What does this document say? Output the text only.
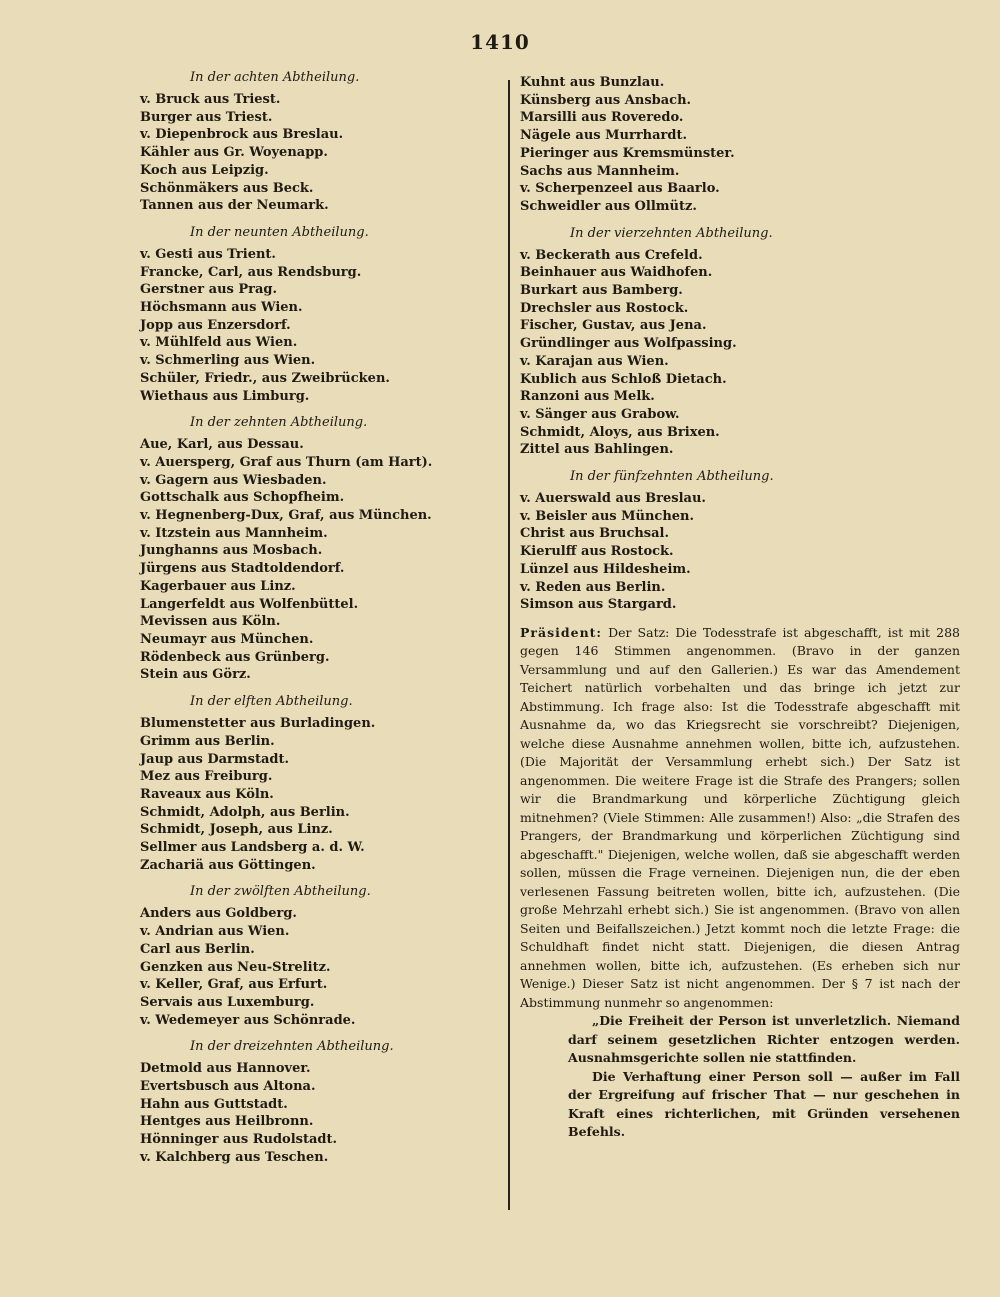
1410
In der achten Abtheilung.
v. Bruck aus Triest.
Burger aus Triest.
v. Diepenbrock aus Breslau.
Kähler aus Gr. Woyenapp.
Koch aus Leipzig.
Schönmäkers aus Beck.
Tannen aus der Neumark.
In der neunten Abtheilung.
v. Gesti aus Trient.
Francke, Carl, aus Rendsburg.
Gerstner aus Prag.
Höchsmann aus Wien.
Jopp aus Enzersdorf.
v. Mühlfeld aus Wien.
v. Schmerling aus Wien.
Schüler, Friedr., aus Zweibrücken.
Wiethaus aus Limburg.
In der zehnten Abtheilung.
Aue, Karl, aus Dessau.
v. Auersperg, Graf aus Thurn (am Hart).
v. Gagern aus Wiesbaden.
Gottschalk aus Schopfheim.
v. Hegnenberg-Dux, Graf, aus München.
v. Itzstein aus Mannheim.
Junghanns aus Mosbach.
Jürgens aus Stadtoldendorf.
Kagerbauer aus Linz.
Langerfeldt aus Wolfenbüttel.
Mevissen aus Köln.
Neumayr aus München.
Rödenbeck aus Grünberg.
Stein aus Görz.
In der elften Abtheilung.
Blumenstetter aus Burladingen.
Grimm aus Berlin.
Jaup aus Darmstadt.
Mez aus Freiburg.
Raveaux aus Köln.
Schmidt, Adolph, aus Berlin.
Schmidt, Joseph, aus Linz.
Sellmer aus Landsberg a. d. W.
Zachariä aus Göttingen.
In der zwölften Abtheilung.
Anders aus Goldberg.
v. Andrian aus Wien.
Carl aus Berlin.
Genzken aus Neu-Strelitz.
v. Keller, Graf, aus Erfurt.
Servais aus Luxemburg.
v. Wedemeyer aus Schönrade.
In der dreizehnten Abtheilung.
Detmold aus Hannover.
Evertsbusch aus Altona.
Hahn aus Guttstadt.
Hentges aus Heilbronn.
Hönninger aus Rudolstadt.
v. Kalchberg aus Teschen.
Kuhnt aus Bunzlau.
Künsberg aus Ansbach.
Marsilli aus Roveredo.
Nägele aus Murrhardt.
Pieringer aus Kremsmünster.
Sachs aus Mannheim.
v. Scherpenzeel aus Baarlo.
Schweidler aus Ollmütz.
In der vierzehnten Abtheilung.
v. Beckerath aus Crefeld.
Beinhauer aus Waidhofen.
Burkart aus Bamberg.
Drechsler aus Rostock.
Fischer, Gustav, aus Jena.
Gründlinger aus Wolfpassing.
v. Karajan aus Wien.
Kublich aus Schloß Dietach.
Ranzoni aus Melk.
v. Sänger aus Grabow.
Schmidt, Aloys, aus Brixen.
Zittel aus Bahlingen.
In der fünfzehnten Abtheilung.
v. Auerswald aus Breslau.
v. Beisler aus München.
Christ aus Bruchsal.
Kierulff aus Rostock.
Lünzel aus Hildesheim.
v. Reden aus Berlin.
Simson aus Stargard.
Präsident: Der Satz: Die Todesstrafe ist abgeschafft, ist mit 288 gegen 146 Stimmen angenommen. (Bravo in der ganzen Versammlung und auf den Gallerien.) Es war das Amendement Teichert natürlich vorbehalten und das bringe ich jetzt zur Abstimmung. Ich frage also: Ist die Todesstrafe abgeschafft mit Ausnahme da, wo das Kriegsrecht sie vorschreibt? Diejenigen, welche diese Ausnahme annehmen wollen, bitte ich, aufzustehen. (Die Majorität der Versammlung erhebt sich.) Der Satz ist angenommen. Die weitere Frage ist die Strafe des Prangers; sollen wir die Brandmarkung und körperliche Züchtigung gleich mitnehmen? (Viele Stimmen: Alle zusammen!) Also: „die Strafen des Prangers, der Brandmarkung und körperlichen Züchtigung sind abgeschafft." Diejenigen, welche wollen, daß sie abgeschafft werden sollen, müssen die Frage verneinen. Diejenigen nun, die der eben verlesenen Fassung beitreten wollen, bitte ich, aufzustehen. (Die große Mehrzahl erhebt sich.) Sie ist angenommen. (Bravo von allen Seiten und Beifallszeichen.) Jetzt kommt noch die letzte Frage: die Schuldhaft findet nicht statt. Diejenigen, die diesen Antrag annehmen wollen, bitte ich, aufzustehen. (Es erheben sich nur Wenige.) Dieser Satz ist nicht angenommen. Der § 7 ist nach der Abstimmung nunmehr so angenommen:

„Die Freiheit der Person ist unverletzlich. Niemand darf seinem gesetzlichen Richter entzogen werden. Ausnahmsgerichte sollen nie stattfinden.

Die Verhaftung einer Person soll — außer im Fall der Ergreifung auf frischer That — nur geschehen in Kraft eines richterlichen, mit Gründen versehenen Befehls.
